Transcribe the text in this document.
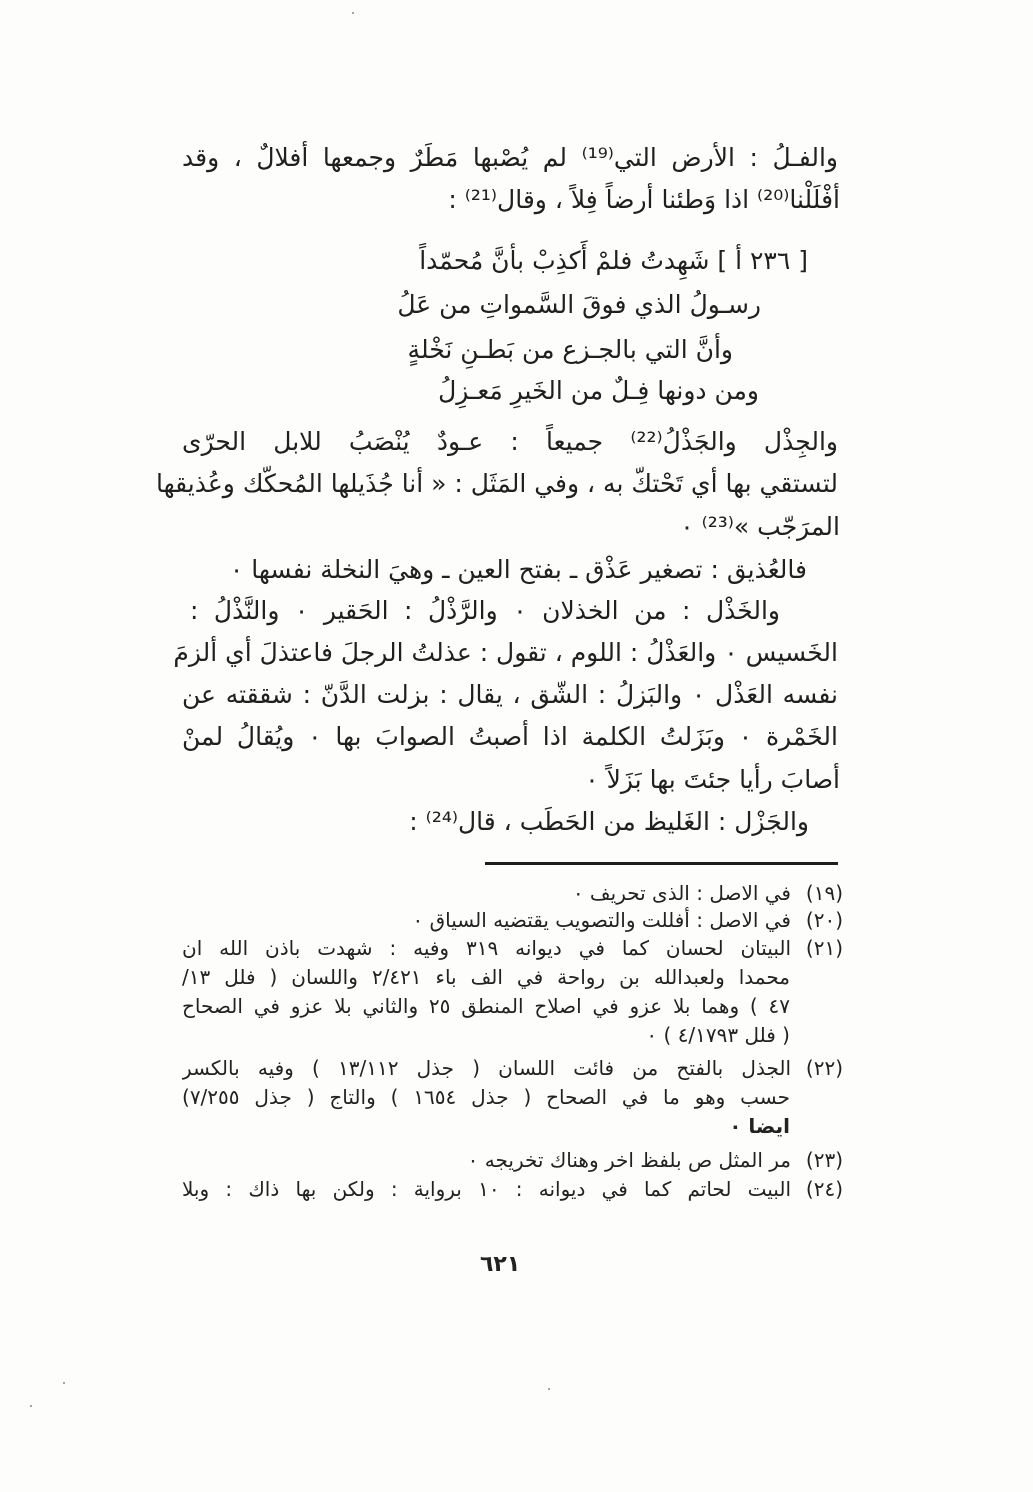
والفـلُ : الأرض التي⁽¹⁹⁾ لم يُصْبها مَطَرٌ وجمعها أفلالٌ ، وقد
أفْلَلْنا⁽²⁰⁾ اذا وَطئنا أرضاً فِلاً ، وقال⁽²¹⁾ :
[ ٢٣٦ أ ] شَهِدتُ فلمْ أَكذِبْ بأنَّ مُحمّداً
رسـولُ الذي فوقَ السَّمواتِ من عَلُ
وأنَّ التي بالجـزع من بَطـنِ نَخْلةٍ
ومن دونها فِـلٌ من الخَيرِ مَعـزِلُ
والجِذْل والجَذْلُ⁽²²⁾ جميعاً : عـودٌ يُنْصَبُ للابل الحرّى
لتستقي بها أي تَحْتكّ به ، وفي المَثَل : « أنا جُذَيلها المُحكّك وعُذيقها
المرَجّب »⁽²³⁾ ٠
فالعُذيق : تصغير عَذْق ـ بفتح العين ـ وهيَ النخلة نفسها ٠
والخَذْل : من الخذلان ٠ والرَّذْلُ : الحَقير ٠ والنَّذْلُ :
الخَسيس ٠ والعَذْلُ : اللوم ، تقول : عذلتُ الرجلَ فاعتذلَ أي ألزمَ
نفسه العَذْل ٠ والبَزلُ : الشّق ، يقال : بزلت الدَّنّ : شققته عن
الخَمْرة ٠ وبَزَلتُ الكلمة اذا أصبتُ الصوابَ بها ٠ ويُقالُ لمنْ
أصابَ رأيا جئتَ بها بَزَلاً ٠
والجَزْل : الغَليظ من الحَطَب ، قال⁽²⁴⁾ :
(١٩)
في الاصل : الذى تحريف ٠
(٢٠)
في الاصل : أفللت والتصويب يقتضيه السياق ٠
(٢١)
البيتان لحسان كما في ديوانه ٣١٩ وفيه : شهدت باذن الله ان
محمدا ولعبدالله بن رواحة في الف باء ٢/٤٢١ واللسان ( فلل ١٣/
٤٧ ) وهما بلا عزو في اصلاح المنطق ٢٥ والثاني بلا عزو في الصحاح
( فلل ٤/١٧٩٣ ) ٠
(٢٢)
الجذل بالفتح من فائت اللسان ( جذل ١٣/١١٢ ) وفيه بالكسر
حسب وهو ما في الصحاح ( جذل ١٦٥٤ ) والتاج ( جذل ٧/٢٥٥)
ايضا ٠
(٢٣)
مر المثل ص بلفظ اخر وهناك تخريجه ٠
(٢٤)
البيت لحاتم كما في ديوانه : ١٠ برواية : ولكن بها ذاك : وبلا
٦٢١
